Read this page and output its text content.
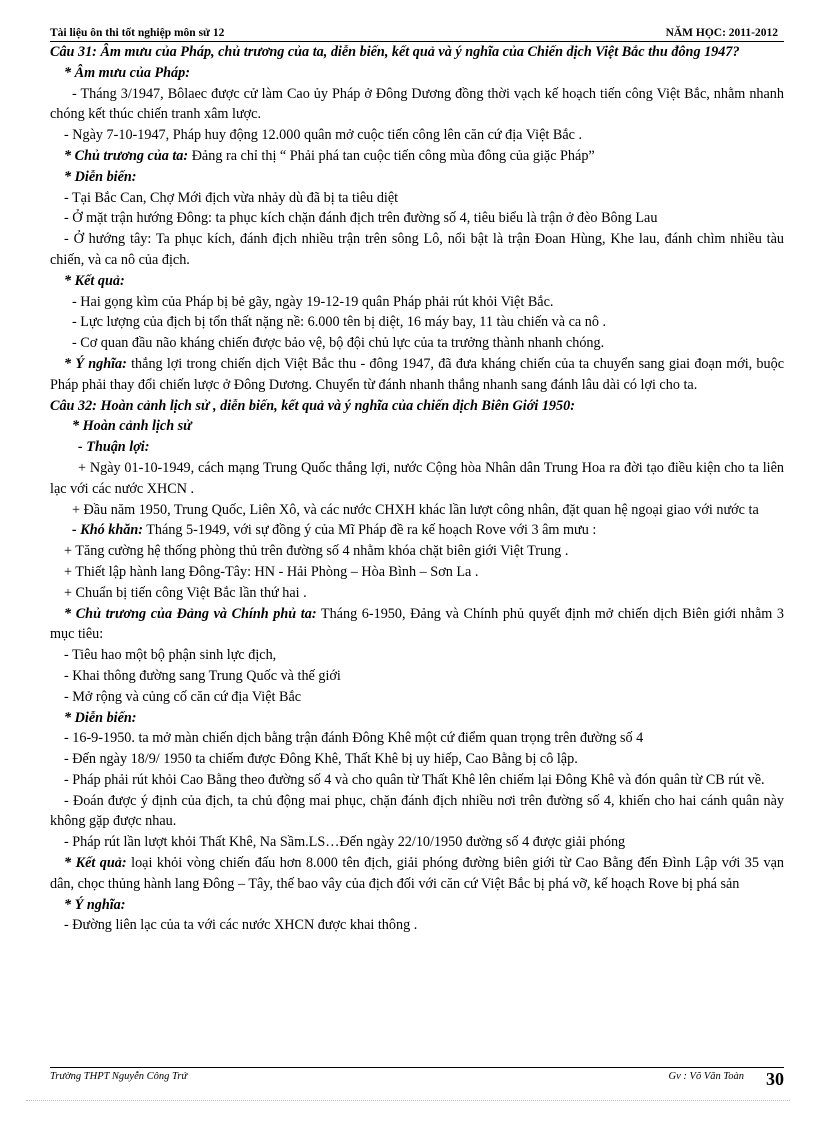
Tài liệu ôn thi tốt nghiệp môn sử 12	NĂM HỌC: 2011-2012

Câu 31: Âm mưu của Pháp, chủ trương của ta, diễn biến, kết quả và ý nghĩa của Chiến dịch Việt Bắc thu đông 1947?

* Âm mưu của Pháp:

- Tháng 3/1947, Bôlaec được cử làm Cao ủy Pháp ở Đông Dương đồng thời vạch kế hoạch tiến công Việt Bắc, nhằm nhanh chóng kết thúc chiến tranh xâm lược.

- Ngày 7-10-1947, Pháp huy động 12.000 quân mở cuộc tiến công lên căn cứ địa Việt Bắc .

* Chủ trương của ta: Đảng ra chỉ thị “ Phải phá tan cuộc tiến công mùa đông của giặc Pháp”

* Diễn biến:

- Tại Bắc Can, Chợ Mới địch vừa nhảy dù đã bị ta tiêu diệt

- Ở mặt trận hướng Đông: ta phục kích chặn đánh địch trên đường số 4, tiêu biểu là trận ở đèo Bông Lau

- Ở hướng tây: Ta phục kích, đánh địch nhiều trận trên sông Lô, nổi bật là trận Đoan Hùng, Khe lau, đánh chìm nhiều tàu chiến, và ca nô của địch.

* Kết quả:

- Hai gọng kìm của Pháp bị bẻ gãy, ngày 19-12-19 quân Pháp phải rút khỏi Việt Bắc.

- Lực lượng của địch bị tổn thất nặng nề: 6.000 tên bị diệt, 16 máy bay, 11 tàu chiến và ca nô .

- Cơ quan đầu não kháng chiến được bảo vệ, bộ đội chủ lực của ta trưởng thành nhanh chóng.

* Ý nghĩa: thắng lợi trong chiến dịch Việt Bắc thu - đông 1947, đã đưa kháng chiến của ta chuyển sang giai đoạn mới, buộc Pháp phải thay đổi chiến lược ở Đông Dương. Chuyển từ đánh nhanh thắng nhanh sang đánh lâu dài có lợi cho ta.

Câu 32: Hoàn cảnh lịch sử , diễn biến, kết quả và ý nghĩa của chiến dịch Biên Giới 1950:

* Hoàn cảnh lịch sử

- Thuận lợi:

+ Ngày 01-10-1949, cách mạng Trung Quốc thắng lợi, nước Cộng hòa Nhân dân Trung Hoa ra đời tạo điều kiện cho ta liên lạc với các nước XHCN .

+ Đầu năm 1950, Trung Quốc, Liên Xô, và các nước CHXH khác lần lượt công nhân, đặt quan hệ ngoại giao với nước ta

- Khó khăn: Tháng 5-1949, với sự đồng ý của Mĩ Pháp đề ra kế hoạch Rove với 3 âm mưu :

+ Tăng cường hệ thống phòng thủ trên đường số 4 nhằm khóa chặt biên giới Việt Trung .

+ Thiết lập hành lang Đông-Tây: HN - Hải Phòng – Hòa Bình – Sơn La .

+ Chuẩn bị tiến công Việt Bắc lần thứ hai .

* Chủ trương của Đảng và Chính phủ ta: Tháng 6-1950, Đảng và Chính phủ quyết định mở chiến dịch Biên giới nhằm 3 mục tiêu:

- Tiêu hao một bộ phận sinh lực địch,

- Khai thông đường sang Trung Quốc và thế giới

- Mở rộng và củng cố căn cứ địa Việt Bắc

* Diễn biến:

- 16-9-1950. ta mở màn chiến dịch bằng trận đánh Đông Khê một cứ điểm quan trọng trên đường số 4

- Đến ngày 18/9/ 1950 ta chiếm được Đông Khê, Thất Khê bị uy hiếp, Cao Bằng bị cô lập.

- Pháp phải rút khỏi Cao Bằng theo đường số 4 và cho quân từ Thất Khê lên chiếm lại Đông Khê và đón quân từ CB rút về.

- Đoán được ý định của địch, ta chủ động mai phục, chặn đánh địch nhiều nơi trên đường số 4, khiến cho hai cánh quân này không gặp được nhau.

- Pháp rút lần lượt khỏi Thất Khê, Na Sầm.LS…Đến ngày 22/10/1950 đường số 4 được giải phóng

* Kết quả: loại khỏi vòng chiến đấu hơn 8.000 tên địch, giải phóng đường biên giới từ Cao Bằng đến Đình Lập với 35 vạn dân, chọc thủng hành lang Đông – Tây, thế bao vây của địch đối với căn cứ Việt Bắc bị phá vỡ, kế hoạch Rove bị phá sản

* Ý nghĩa:

- Đường liên lạc của ta với các nước XHCN được khai thông .

Trường THPT Nguyễn Công Trứ	Gv : Võ Văn Toàn 30
